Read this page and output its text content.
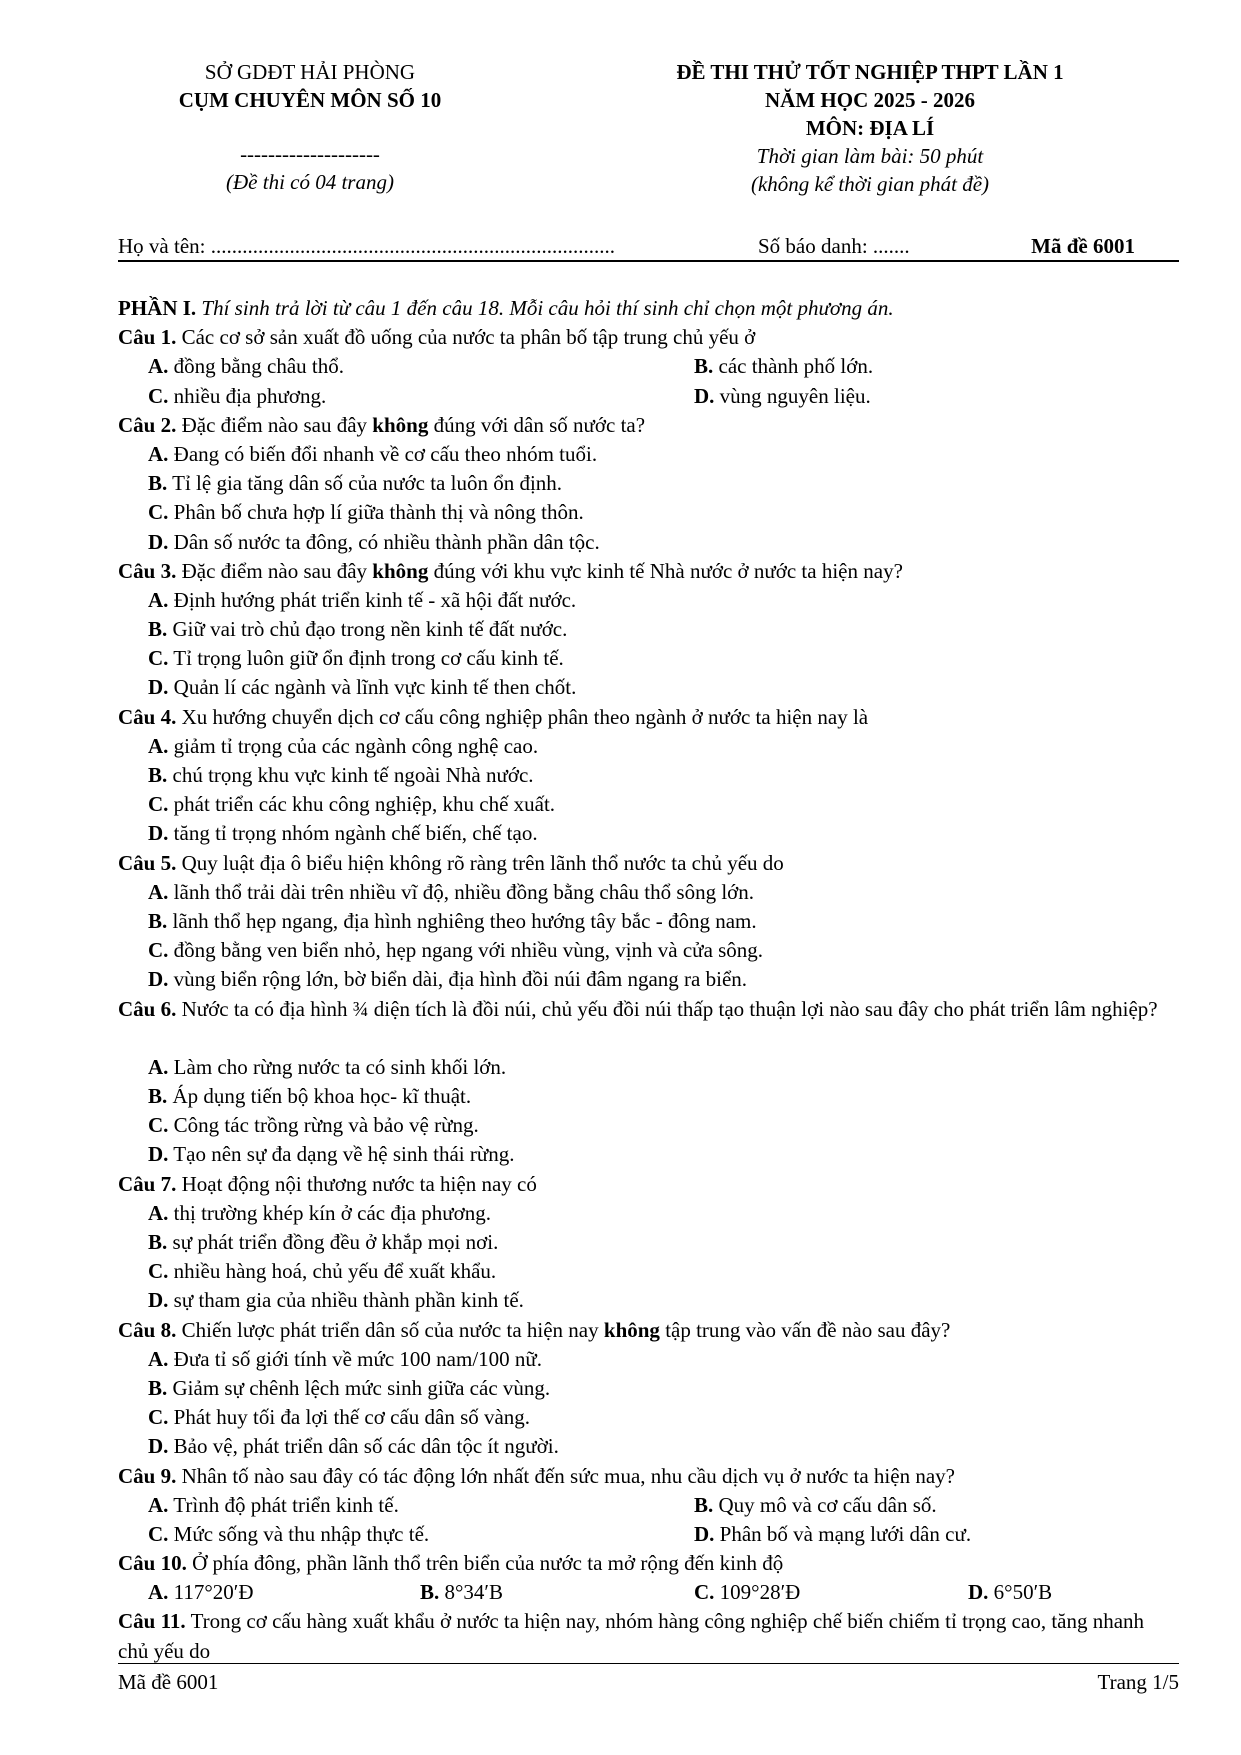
SỞ GDĐT HẢI PHÒNG
CỤM CHUYÊN MÔN SỐ 10
--------------------
(Đề thi có 04 trang)
ĐỀ THI THỬ TỐT NGHIỆP THPT LẦN 1
NĂM HỌC 2025 - 2026
MÔN: ĐỊA LÍ
Thời gian làm bài: 50 phút
(không kể thời gian phát đề)
Họ và tên: .............................................................................	Số báo danh: .......	Mã đề 6001
PHẦN I. Thí sinh trả lời từ câu 1 đến câu 18. Mỗi câu hỏi thí sinh chỉ chọn một phương án.
Câu 1. Các cơ sở sản xuất đồ uống của nước ta phân bố tập trung chủ yếu ở
A. đồng bằng châu thổ.	B. các thành phố lớn.
C. nhiều địa phương.	D. vùng nguyên liệu.
Câu 2. Đặc điểm nào sau đây không đúng với dân số nước ta?
A. Đang có biến đổi nhanh về cơ cấu theo nhóm tuổi.
B. Tỉ lệ gia tăng dân số của nước ta luôn ổn định.
C. Phân bố chưa hợp lí giữa thành thị và nông thôn.
D. Dân số nước ta đông, có nhiều thành phần dân tộc.
Câu 3. Đặc điểm nào sau đây không đúng với khu vực kinh tế Nhà nước ở nước ta hiện nay?
A. Định hướng phát triển kinh tế - xã hội đất nước.
B. Giữ vai trò chủ đạo trong nền kinh tế đất nước.
C. Tỉ trọng luôn giữ ổn định trong cơ cấu kinh tế.
D. Quản lí các ngành và lĩnh vực kinh tế then chốt.
Câu 4. Xu hướng chuyển dịch cơ cấu công nghiệp phân theo ngành ở nước ta hiện nay là
A. giảm tỉ trọng của các ngành công nghệ cao.
B. chú trọng khu vực kinh tế ngoài Nhà nước.
C. phát triển các khu công nghiệp, khu chế xuất.
D. tăng tỉ trọng nhóm ngành chế biến, chế tạo.
Câu 5. Quy luật địa ô biểu hiện không rõ ràng trên lãnh thổ nước ta chủ yếu do
A. lãnh thổ trải dài trên nhiều vĩ độ, nhiều đồng bằng châu thổ sông lớn.
B. lãnh thổ hẹp ngang, địa hình nghiêng theo hướng tây bắc - đông nam.
C. đồng bằng ven biển nhỏ, hẹp ngang với nhiều vùng, vịnh và cửa sông.
D. vùng biển rộng lớn, bờ biển dài, địa hình đồi núi đâm ngang ra biển.
Câu 6. Nước ta có địa hình ¾ diện tích là đồi núi, chủ yếu đồi núi thấp tạo thuận lợi nào sau đây cho phát triển lâm nghiệp?
A. Làm cho rừng nước ta có sinh khối lớn.
B. Áp dụng tiến bộ khoa học- kĩ thuật.
C. Công tác trồng rừng và bảo vệ rừng.
D. Tạo nên sự đa dạng về hệ sinh thái rừng.
Câu 7. Hoạt động nội thương nước ta hiện nay có
A. thị trường khép kín ở các địa phương.
B. sự phát triển đồng đều ở khắp mọi nơi.
C. nhiều hàng hoá, chủ yếu để xuất khẩu.
D. sự tham gia của nhiều thành phần kinh tế.
Câu 8. Chiến lược phát triển dân số của nước ta hiện nay không tập trung vào vấn đề nào sau đây?
A. Đưa tỉ số giới tính về mức 100 nam/100 nữ.
B. Giảm sự chênh lệch mức sinh giữa các vùng.
C. Phát huy tối đa lợi thế cơ cấu dân số vàng.
D. Bảo vệ, phát triển dân số các dân tộc ít người.
Câu 9. Nhân tố nào sau đây có tác động lớn nhất đến sức mua, nhu cầu dịch vụ ở nước ta hiện nay?
A. Trình độ phát triển kinh tế.	B. Quy mô và cơ cấu dân số.
C. Mức sống và thu nhập thực tế.	D. Phân bố và mạng lưới dân cư.
Câu 10. Ở phía đông, phần lãnh thổ trên biển của nước ta mở rộng đến kinh độ
A. 117°20′Đ	B. 8°34′B	C. 109°28′Đ	D. 6°50′B
Câu 11. Trong cơ cấu hàng xuất khẩu ở nước ta hiện nay, nhóm hàng công nghiệp chế biến chiếm tỉ trọng cao, tăng nhanh chủ yếu do
Mã đề 6001	Trang 1/5
